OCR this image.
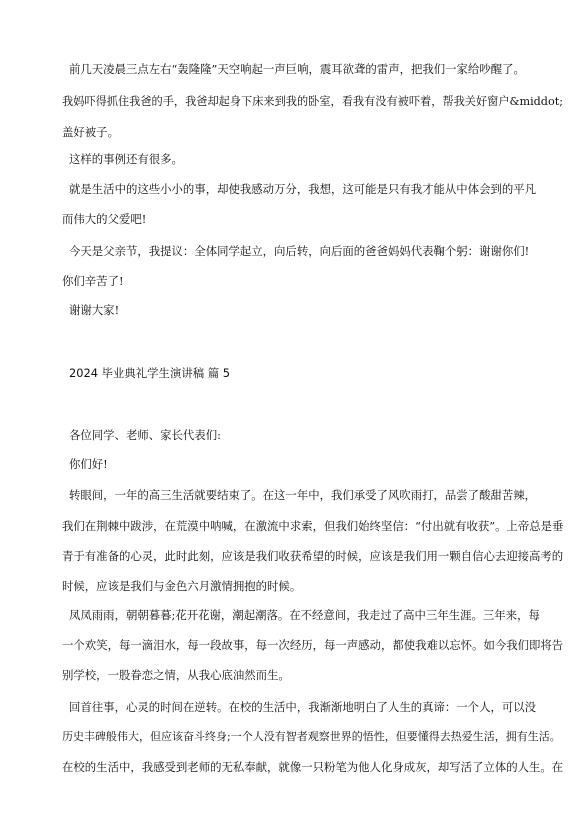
前几天凌晨三点左右“轰隆隆”天空响起一声巨响，震耳欲聋的雷声，把我们一家给吵醒了。
我妈吓得抓住我爸的手，我爸却起身下床来到我的卧室，看我有没有被吓着，帮我关好窗户&middot;
盖好被子。
这样的事例还有很多。
就是生活中的这些小小的事，却使我感动万分，我想，这可能是只有我才能从中体会到的平凡
而伟大的父爱吧!
今天是父亲节，我提议：全体同学起立，向后转，向后面的爸爸妈妈代表鞠个躬：谢谢你们!
你们辛苦了!
谢谢大家!
2024 毕业典礼学生演讲稿 篇 5
各位同学、老师、家长代表们:
你们好!
转眼间，一年的高三生活就要结束了。在这一年中，我们承受了风吹雨打，品尝了酸甜苦辣，
我们在荆棘中跋涉，在荒漠中呐喊，在激流中求索，但我们始终坚信：“付出就有收获”。上帝总是垂
青于有准备的心灵，此时此刻，应该是我们收获希望的时候，应该是我们用一颗自信心去迎接高考的
时候，应该是我们与金色六月激情拥抱的时候。
凤凤雨雨，朝朝暮暮;花开花谢，潮起潮落。在不经意间，我走过了高中三年生涯。三年来，每
一个欢笑，每一滴泪水，每一段故事，每一次经历，每一声感动，都使我难以忘怀。如今我们即将告
别学校，一股眷恋之情，从我心底油然而生。
回首往事，心灵的时间在逆转。在校的生活中，我渐渐地明白了人生的真谛：一个人，可以没
历史丰碑般伟大，但应该奋斗终身;一个人没有智者观察世界的悟性，但要懂得去热爱生活，拥有生活。
在校的生活中，我感受到老师的无私奉献，就像一只粉笔为他人化身成灰，却写活了立体的人生。在
